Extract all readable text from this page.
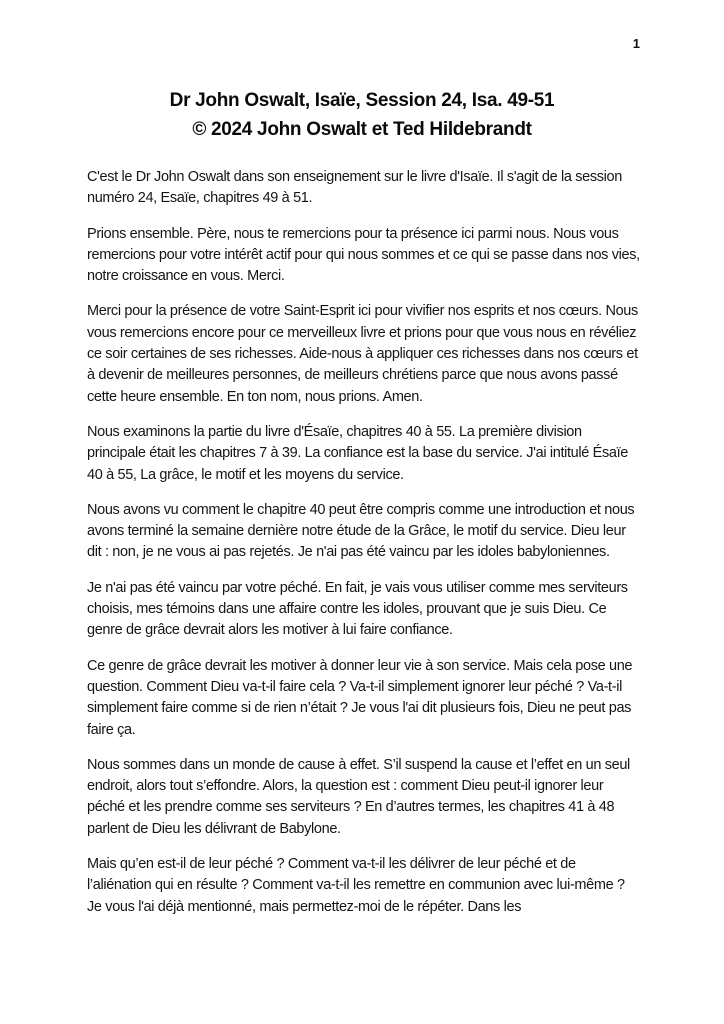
1
Dr John Oswalt, Isaïe, Session 24, Isa. 49-51
© 2024 John Oswalt et Ted Hildebrandt

C'est le Dr John Oswalt dans son enseignement sur le livre d'Isaïe. Il s'agit de la session numéro 24, Esaïe, chapitres 49 à 51.

Prions ensemble. Père, nous te remercions pour ta présence ici parmi nous. Nous vous remercions pour votre intérêt actif pour qui nous sommes et ce qui se passe dans nos vies, notre croissance en vous. Merci.

Merci pour la présence de votre Saint-Esprit ici pour vivifier nos esprits et nos cœurs. Nous vous remercions encore pour ce merveilleux livre et prions pour que vous nous en révéliez ce soir certaines de ses richesses. Aide-nous à appliquer ces richesses dans nos cœurs et à devenir de meilleures personnes, de meilleurs chrétiens parce que nous avons passé cette heure ensemble. En ton nom, nous prions. Amen.

Nous examinons la partie du livre d'Ésaïe, chapitres 40 à 55. La première division principale était les chapitres 7 à 39. La confiance est la base du service. J'ai intitulé Ésaïe 40 à 55, La grâce, le motif et les moyens du service.

Nous avons vu comment le chapitre 40 peut être compris comme une introduction et nous avons terminé la semaine dernière notre étude de la Grâce, le motif du service. Dieu leur dit : non, je ne vous ai pas rejetés. Je n'ai pas été vaincu par les idoles babyloniennes.

Je n'ai pas été vaincu par votre péché. En fait, je vais vous utiliser comme mes serviteurs choisis, mes témoins dans une affaire contre les idoles, prouvant que je suis Dieu. Ce genre de grâce devrait alors les motiver à lui faire confiance.

Ce genre de grâce devrait les motiver à donner leur vie à son service. Mais cela pose une question. Comment Dieu va-t-il faire cela ? Va-t-il simplement ignorer leur péché ? Va-t-il simplement faire comme si de rien n’était ? Je vous l'ai dit plusieurs fois, Dieu ne peut pas faire ça.

Nous sommes dans un monde de cause à effet. S’il suspend la cause et l’effet en un seul endroit, alors tout s’effondre. Alors, la question est : comment Dieu peut-il ignorer leur péché et les prendre comme ses serviteurs ? En d’autres termes, les chapitres 41 à 48 parlent de Dieu les délivrant de Babylone.

Mais qu’en est-il de leur péché ? Comment va-t-il les délivrer de leur péché et de l’aliénation qui en résulte ? Comment va-t-il les remettre en communion avec lui-même ? Je vous l'ai déjà mentionné, mais permettez-moi de le répéter. Dans les
